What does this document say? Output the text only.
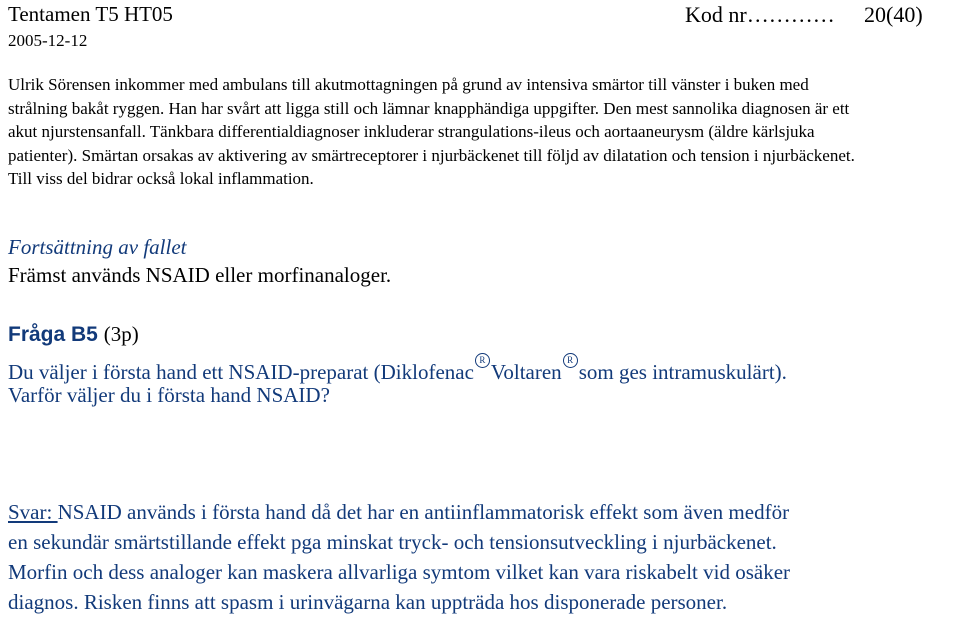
Tentamen T5 HT05
2005-12-12
Kod nr………… 20(40)

Ulrik Sörensen inkommer med ambulans till akutmottagningen på grund av intensiva smärtor till vänster i buken med

strålning bakåt ryggen. Han har svårt att ligga still och lämnar knapphändiga uppgifter. Den mest sannolika diagnosen är ett

akut njurstensanfall. Tänkbara differentialdiagnoser inkluderar strangulations-ileus och aortaaneurysm (äldre kärlsjuka

patienter). Smärtan orsakas av aktivering av smärtreceptorer i njurbäckenet till följd av dilatation och tension i njurbäckenet.

Till viss del bidrar också lokal inflammation.

Fortsättning av fallet
Främst används NSAID eller morfinanaloger.
Fråga B5 (3p)
Du väljer i första hand ett NSAID-preparat (Diklofenac R Voltaren R som ges intramuskulärt).
Varför väljer du i första hand NSAID?

Svar: NSAID används i första hand då det har en antiinflammatorisk effekt som även medför

en sekundär smärtstillande effekt pga minskat tryck- och tensionsutveckling i njurbäckenet.

Morfin och dess analoger kan maskera allvarliga symtom vilket kan vara riskabelt vid osäker

diagnos. Risken finns att spasm i urinvägarna kan uppträda hos disponerade personer.
